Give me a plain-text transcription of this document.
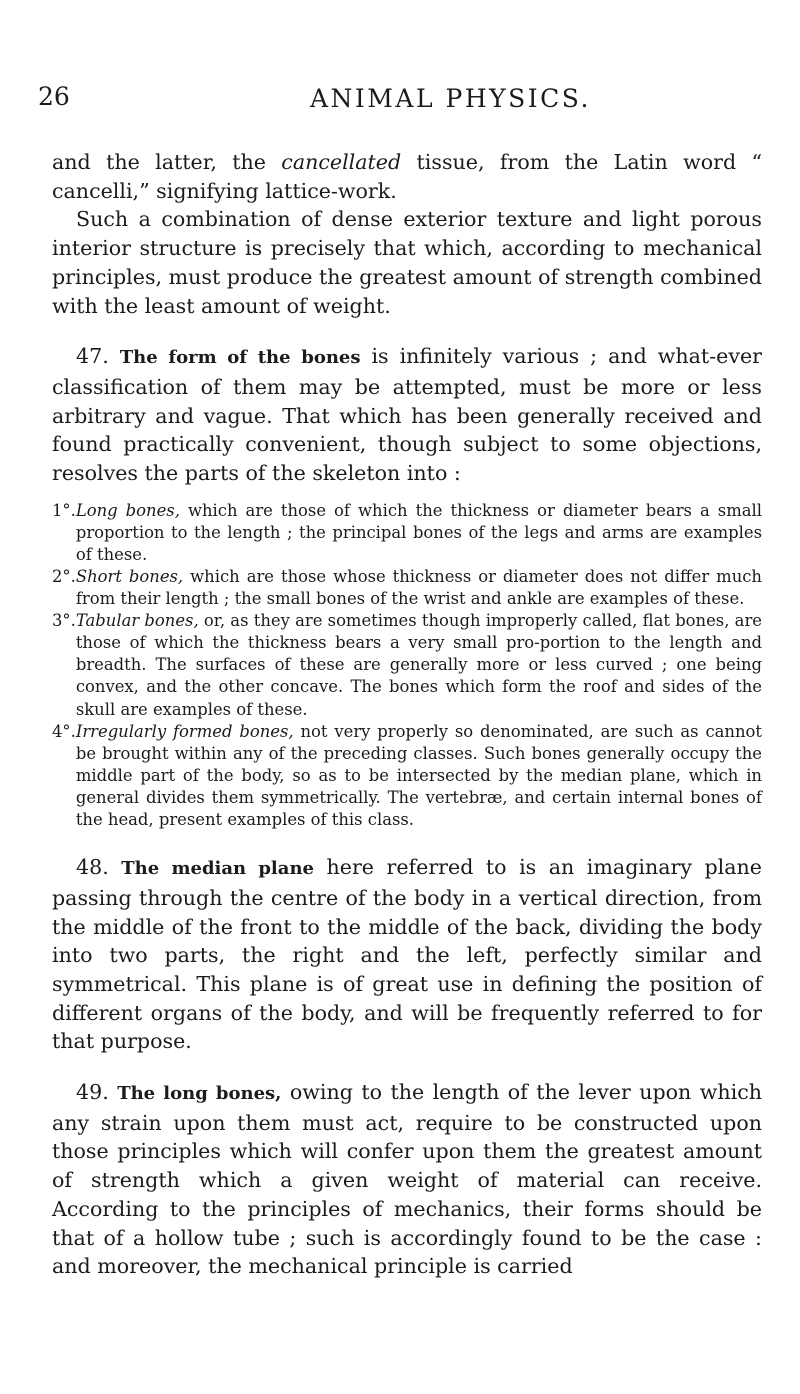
26	ANIMAL PHYSICS.

and the latter, the cancellated tissue, from the Latin word “ cancelli,” signifying lattice-work.

Such a combination of dense exterior texture and light porous interior structure is precisely that which, according to mechanical principles, must produce the greatest amount of strength combined with the least amount of weight.

47. The form of the bones is infinitely various ; and what-ever classification of them may be attempted, must be more or less arbitrary and vague. That which has been generally received and found practically convenient, though subject to some objections, resolves the parts of the skeleton into :

1°. Long bones, which are those of which the thickness or diameter bears a small proportion to the length ; the principal bones of the legs and arms are examples of these.
2°. Short bones, which are those whose thickness or diameter does not differ much from their length ; the small bones of the wrist and ankle are examples of these.
3°. Tabular bones, or, as they are sometimes though improperly called, flat bones, are those of which the thickness bears a very small pro-portion to the length and breadth. The surfaces of these are generally more or less curved ; one being convex, and the other concave. The bones which form the roof and sides of the skull are examples of these.
4°. Irregularly formed bones, not very properly so denominated, are such as cannot be brought within any of the preceding classes. Such bones generally occupy the middle part of the body, so as to be intersected by the median plane, which in general divides them symmetrically. The vertebræ, and certain internal bones of the head, present examples of this class.

48. The median plane here referred to is an imaginary plane passing through the centre of the body in a vertical direction, from the middle of the front to the middle of the back, dividing the body into two parts, the right and the left, perfectly similar and symmetrical. This plane is of great use in defining the position of different organs of the body, and will be frequently referred to for that purpose.

49. The long bones, owing to the length of the lever upon which any strain upon them must act, require to be constructed upon those principles which will confer upon them the greatest amount of strength which a given weight of material can receive. According to the principles of mechanics, their forms should be that of a hollow tube ; such is accordingly found to be the case : and moreover, the mechanical principle is carried
